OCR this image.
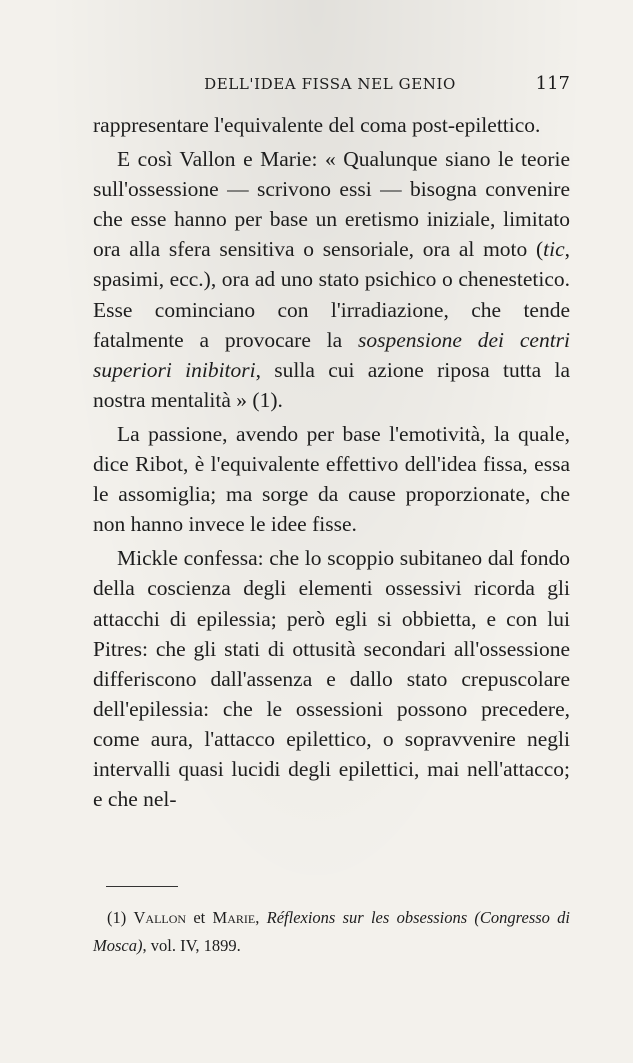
DELL'IDEA FISSA NEL GENIO	117

rappresentare l'equivalente del coma post-epilettico.

E così Vallon e Marie: « Qualunque siano le teorie sull'ossessione — scrivono essi — bisogna convenire che esse hanno per base un eretismo iniziale, limitato ora alla sfera sensitiva o sensoriale, ora al moto (tic, spasimi, ecc.), ora ad uno stato psichico o chenestetico. Esse cominciano con l'irradiazione, che tende fatalmente a provocare la sospensione dei centri superiori inibitori, sulla cui azione riposa tutta la nostra mentalità » (1).

La passione, avendo per base l'emotività, la quale, dice Ribot, è l'equivalente effettivo dell'idea fissa, essa le assomiglia; ma sorge da cause proporzionate, che non hanno invece le idee fisse.

Mickle confessa: che lo scoppio subitaneo dal fondo della coscienza degli elementi ossessivi ricorda gli attacchi di epilessia; però egli si obbietta, e con lui Pitres: che gli stati di ottusità secondari all'ossessione differiscono dall'assenza e dallo stato crepuscolare dell'epilessia: che le ossessioni possono precedere, come aura, l'attacco epilettico, o sopravvenire negli intervalli quasi lucidi degli epilettici, mai nell'attacco; e che nel-

(1) Vallon et Marie, Réflexions sur les obsessions (Congresso di Mosca), vol. IV, 1899.
